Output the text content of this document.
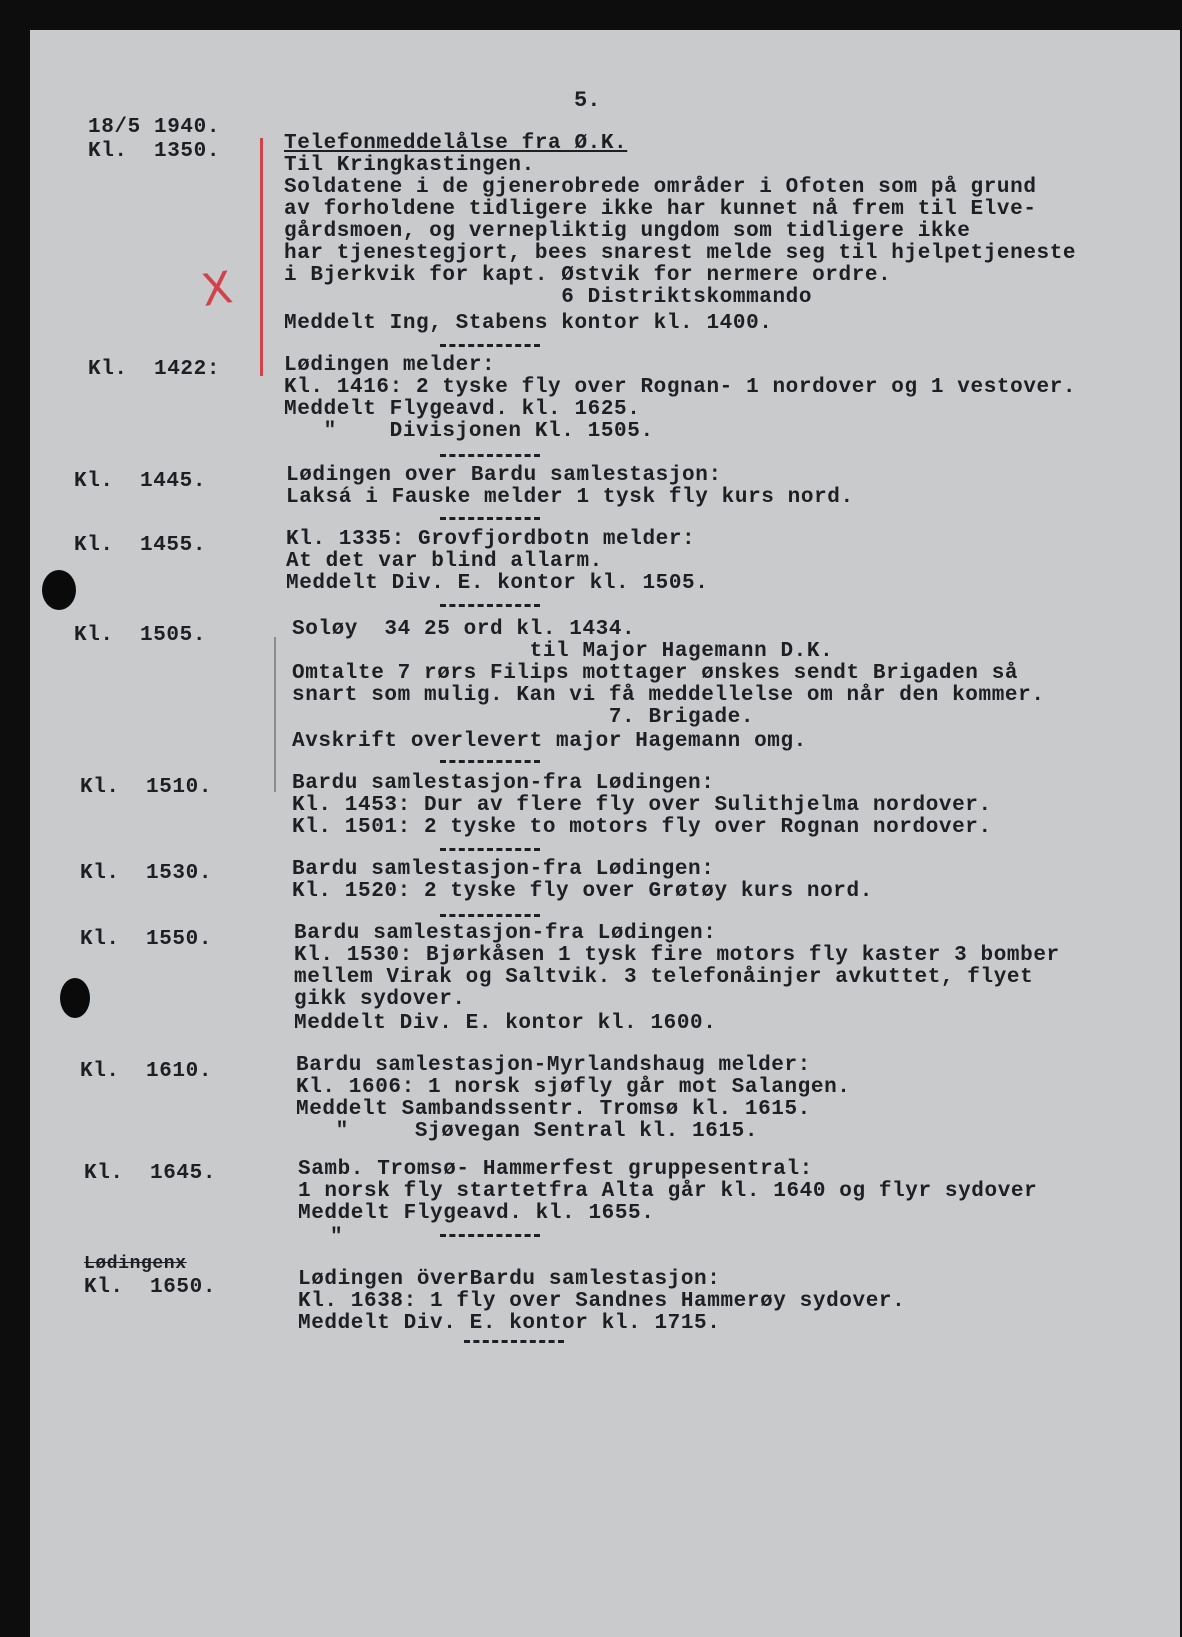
5.
18/5 1940.
X
Kl.  1350.	Telefonmeddelålse fra Ø.K.
Til Kringkastingen.
Soldatene i de gjenerobrede områder i Ofoten som på grund
av forholdene tidligere ikke har kunnet nå frem til Elve-
gårdsmoen, og vernepliktig ungdom som tidligere ikke
har tjenestegjort, bees snarest melde seg til hjelpetjeneste
i Bjerkvik for kapt. Østvik for nermere ordre.
6 Distriktskommando
Meddelt Ing, Stabens kontor kl. 1400.
Kl.  1422:	Lødingen melder:
Kl. 1416: 2 tyske fly over Rognan- 1 nordover og 1 vestover.
Meddelt Flygeavd. kl. 1625.
"    Divisjonen Kl. 1505.
Kl.  1445.	Lødingen over Bardu samlestasjon:
Laksá i Fauske melder 1 tysk fly kurs nord.
Kl.  1455.	Kl. 1335: Grovfjordbotn melder:
At det var blind allarm.
Meddelt Div. E. kontor kl. 1505.
Kl.  1505.	Soløy  34 25 ord kl. 1434.
til Major Hagemann D.K.
Omtalte 7 rørs Filips mottager ønskes sendt Brigaden så
snart som mulig. Kan vi få meddellelse om når den kommer.
7. Brigade.
Avskrift overlevert major Hagemann omg.
Kl.  1510.	Bardu samlestasjon-fra Lødingen:
Kl. 1453: Dur av flere fly over Sulithjelma nordover.
Kl. 1501: 2 tyske to motors fly over Rognan nordover.
Kl.  1530.	Bardu samlestasjon-fra Lødingen:
Kl. 1520: 2 tyske fly over Grøtøy kurs nord.
Kl.  1550.	Bardu samlestasjon-fra Lødingen:
Kl. 1530: Bjørkåsen 1 tysk fire motors fly kaster 3 bomber
mellem Virak og Saltvik. 3 telefonåinjer avkuttet, flyet
gikk sydover.
Meddelt Div. E. kontor kl. 1600.
Kl.  1610.	Bardu samlestasjon-Myrlandshaug melder:
Kl. 1606: 1 norsk sjøfly går mot Salangen.
Meddelt Sambandssentr. Tromsø kl. 1615.
"     Sjøvegan Sentral kl. 1615.
Kl.  1645.	Samb. Tromsø- Hammerfest gruppesentral:
1 norsk fly startetfra Alta går kl. 1640 og flyr sydover
Meddelt Flygeavd. kl. 1655.
"
Lødingenx
Kl.  1650.	Lødingen överBardu samlestasjon:
Kl. 1638: 1 fly over Sandnes Hammerøy sydover.
Meddelt Div. E. kontor kl. 1715.
